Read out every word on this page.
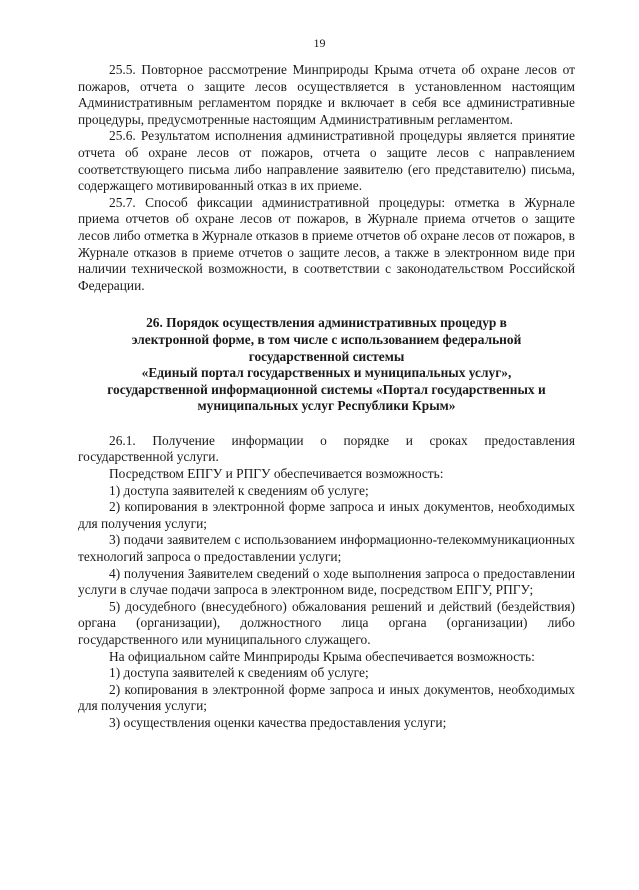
19

25.5. Повторное рассмотрение Минприроды Крыма отчета об охране лесов от пожаров, отчета о защите лесов осуществляется в установленном настоящим Административным регламентом порядке и включает в себя все административные процедуры, предусмотренные настоящим Административным регламентом.

25.6. Результатом исполнения административной процедуры является принятие отчета об охране лесов от пожаров, отчета о защите лесов с направлением соответствующего письма либо направление заявителю (его представителю) письма, содержащего мотивированный отказ в их приеме.

25.7. Способ фиксации административной процедуры: отметка в Журнале приема отчетов об охране лесов от пожаров, в Журнале приема отчетов о защите лесов либо отметка в Журнале отказов в приеме отчетов об охране лесов от пожаров, в Журнале отказов в приеме отчетов о защите лесов, а также в электронном виде при наличии технической возможности, в соответствии с законодательством Российской Федерации.

26. Порядок осуществления административных процедур в
электронной форме, в том числе с использованием федеральной
государственной системы
«Единый портал государственных и муниципальных услуг»,
государственной информационной системы «Портал государственных и
муниципальных услуг Республики Крым»

26.1. Получение информации о порядке и сроках предоставления государственной услуги.

Посредством ЕПГУ и РПГУ обеспечивается возможность:

1) доступа заявителей к сведениям об услуге;

2) копирования в электронной форме запроса и иных документов, необходимых для получения услуги;

3) подачи заявителем с использованием информационно-телекоммуникационных технологий запроса о предоставлении услуги;

4) получения Заявителем сведений о ходе выполнения запроса о предоставлении услуги в случае подачи запроса в электронном виде, посредством ЕПГУ, РПГУ;

5) досудебного (внесудебного) обжалования решений и действий (бездействия) органа (организации), должностного лица органа (организации) либо государственного или муниципального служащего.

На официальном сайте Минприроды Крыма обеспечивается возможность:

1) доступа заявителей к сведениям об услуге;

2) копирования в электронной форме запроса и иных документов, необходимых для получения услуги;

3) осуществления оценки качества предоставления услуги;
